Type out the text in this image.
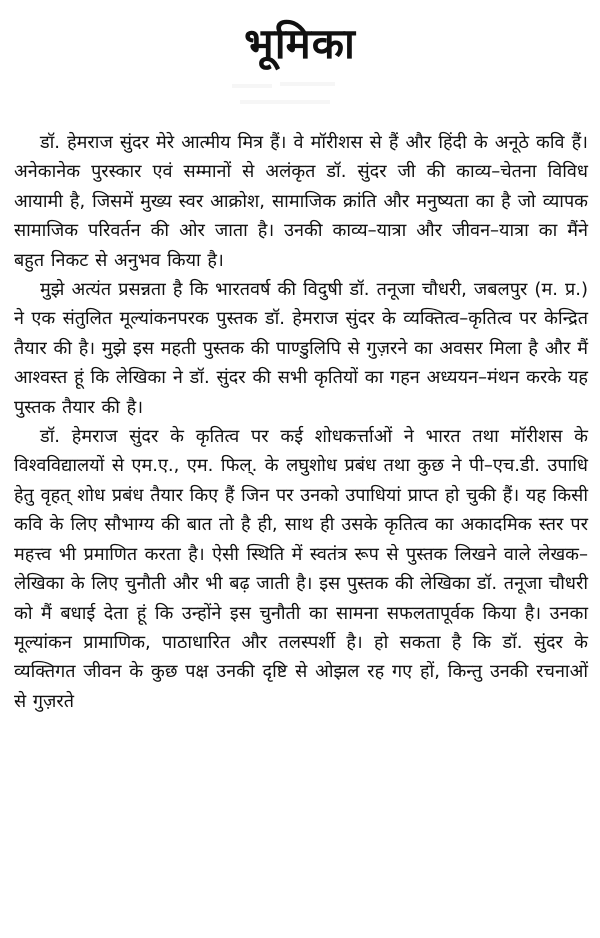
भूमिका

डॉ. हेमराज सुंदर मेरे आत्मीय मित्र हैं। वे मॉरीशस से हैं और हिंदी के अनूठे कवि हैं। अनेकानेक पुरस्कार एवं सम्मानों से अलंकृत डॉ. सुंदर जी की काव्य–चेतना विविध आयामी है, जिसमें मुख्य स्वर आक्रोश, सामाजिक क्रांति और मनुष्यता का है जो व्यापक सामाजिक परिवर्तन की ओर जाता है। उनकी काव्य–यात्रा और जीवन–यात्रा का मैंने बहुत निकट से अनुभव किया है।

मुझे अत्यंत प्रसन्नता है कि भारतवर्ष की विदुषी डॉ. तनूजा चौधरी, जबलपुर (म. प्र.) ने एक संतुलित मूल्यांकनपरक पुस्तक डॉ. हेमराज सुंदर के व्यक्तित्व–कृतित्व पर केन्द्रित तैयार की है। मुझे इस महती पुस्तक की पाण्डुलिपि से गुज़रने का अवसर मिला है और मैं आश्वस्त हूं कि लेखिका ने डॉ. सुंदर की सभी कृतियों का गहन अध्ययन–मंथन करके यह पुस्तक तैयार की है।

डॉ. हेमराज सुंदर के कृतित्व पर कई शोधकर्त्ताओं ने भारत तथा मॉरीशस के विश्वविद्यालयों से एम.ए., एम. फिल्. के लघुशोध प्रबंध तथा कुछ ने पी–एच.डी. उपाधि हेतु वृहत् शोध प्रबंध तैयार किए हैं जिन पर उनको उपाधियां प्राप्त हो चुकी हैं। यह किसी कवि के लिए सौभाग्य की बात तो है ही, साथ ही उसके कृतित्व का अकादमिक स्तर पर महत्त्व भी प्रमाणित करता है। ऐसी स्थिति में स्वतंत्र रूप से पुस्तक लिखने वाले लेखक–लेखिका के लिए चुनौती और भी बढ़ जाती है। इस पुस्तक की लेखिका डॉ. तनूजा चौधरी को मैं बधाई देता हूं कि उन्होंने इस चुनौती का सामना सफलतापूर्वक किया है। उनका मूल्यांकन प्रामाणिक, पाठाधारित और तलस्पर्शी है। हो सकता है कि डॉ. सुंदर के व्यक्तिगत जीवन के कुछ पक्ष उनकी दृष्टि से ओझल रह गए हों, किन्तु उनकी रचनाओं से गुज़रते
